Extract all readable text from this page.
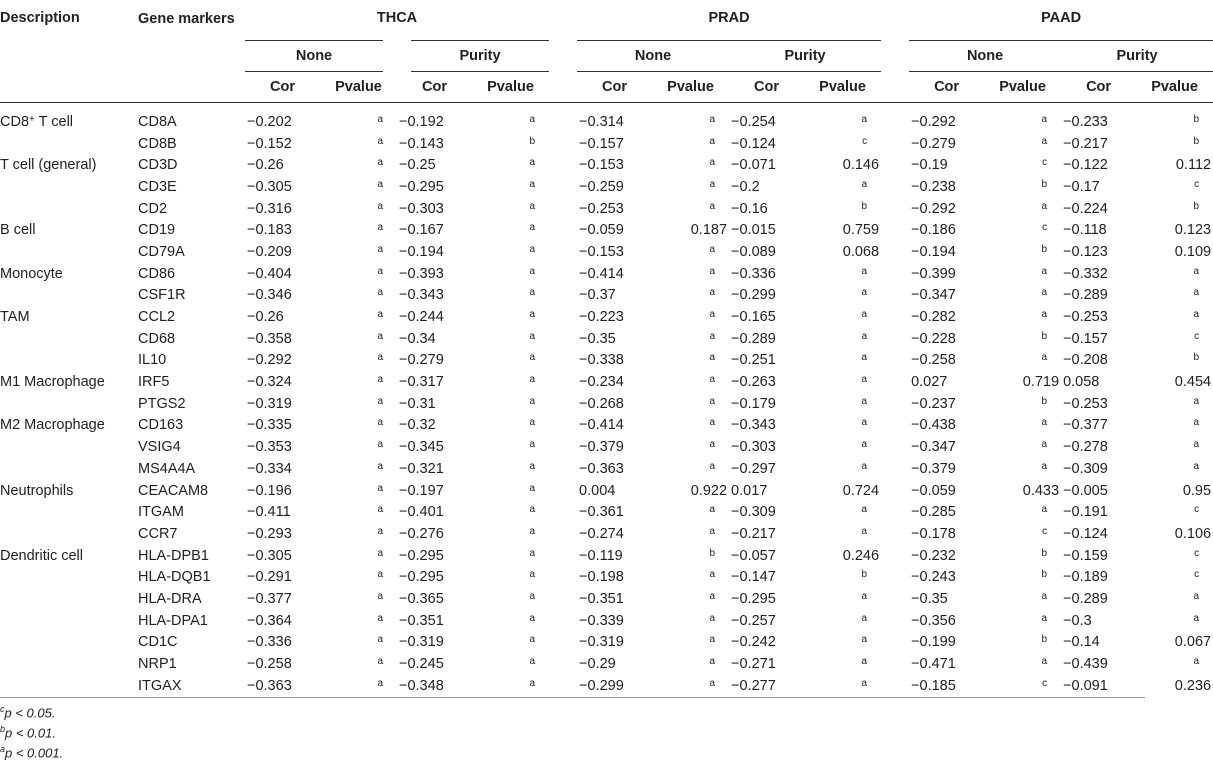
Description	Gene markers	THCA					PRAD					PAAD			
		None		Purity			None		Purity			None		Purity	
		Cor	Pvalue	Cor	Pvalue		Cor	Pvalue	Cor	Pvalue		Cor	Pvalue	Cor	Pvalue
CD8+ T cell	CD8A	−0.202	$^a$	−0.192	$^a$		−0.314	$^a$	−0.254	$^a$		−0.292	$^a$	−0.233	$^b$
	CD8B	−0.152	$^a$	−0.143	$^b$		−0.157	$^a$	−0.124	$^c$		−0.279	$^a$	−0.217	$^b$
T cell (general)	CD3D	−0.26	$^a$	−0.25	$^a$		−0.153	$^a$	−0.071	0.146		−0.19	$^c$	−0.122	0.112
	CD3E	−0.305	$^a$	−0.295	$^a$		−0.259	$^a$	−0.2	$^a$		−0.238	$^b$	−0.17	$^c$
	CD2	−0.316	$^a$	−0.303	$^a$		−0.253	$^a$	−0.16	$^b$		−0.292	$^a$	−0.224	$^b$
B cell	CD19	−0.183	$^a$	−0.167	$^a$		−0.059	0.187	−0.015	0.759		−0.186	$^c$	−0.118	0.123
	CD79A	−0.209	$^a$	−0.194	$^a$		−0.153	$^a$	−0.089	0.068		−0.194	$^b$	−0.123	0.109
Monocyte	CD86	−0.404	$^a$	−0.393	$^a$		−0.414	$^a$	−0.336	$^a$		−0.399	$^a$	−0.332	$^a$
	CSF1R	−0.346	$^a$	−0.343	$^a$		−0.37	$^a$	−0.299	$^a$		−0.347	$^a$	−0.289	$^a$
TAM	CCL2	−0.26	$^a$	−0.244	$^a$		−0.223	$^a$	−0.165	$^a$		−0.282	$^a$	−0.253	$^a$
	CD68	−0.358	$^a$	−0.34	$^a$		−0.35	$^a$	−0.289	$^a$		−0.228	$^b$	−0.157	$^c$
	IL10	−0.292	$^a$	−0.279	$^a$		−0.338	$^a$	−0.251	$^a$		−0.258	$^a$	−0.208	$^b$
M1 Macrophage	IRF5	−0.324	$^a$	−0.317	$^a$		−0.234	$^a$	−0.263	$^a$		0.027	0.719	0.058	0.454
	PTGS2	−0.319	$^a$	−0.31	$^a$		−0.268	$^a$	−0.179	$^a$		−0.237	$^b$	−0.253	$^a$
M2 Macrophage	CD163	−0.335	$^a$	−0.32	$^a$		−0.414	$^a$	−0.343	$^a$		−0.438	$^a$	−0.377	$^a$
	VSIG4	−0.353	$^a$	−0.345	$^a$		−0.379	$^a$	−0.303	$^a$		−0.347	$^a$	−0.278	$^a$
	MS4A4A	−0.334	$^a$	−0.321	$^a$		−0.363	$^a$	−0.297	$^a$		−0.379	$^a$	−0.309	$^a$
Neutrophils	CEACAM8	−0.196	$^a$	−0.197	$^a$		0.004	0.922	0.017	0.724		−0.059	0.433	−0.005	0.95
	ITGAM	−0.411	$^a$	−0.401	$^a$		−0.361	$^a$	−0.309	$^a$		−0.285	$^a$	−0.191	$^c$
	CCR7	−0.293	$^a$	−0.276	$^a$		−0.274	$^a$	−0.217	$^a$		−0.178	$^c$	−0.124	0.106
Dendritic cell	HLA-DPB1	−0.305	$^a$	−0.295	$^a$		−0.119	$^b$	−0.057	0.246		−0.232	$^b$	−0.159	$^c$
	HLA-DQB1	−0.291	$^a$	−0.295	$^a$		−0.198	$^a$	−0.147	$^b$		−0.243	$^b$	−0.189	$^c$
	HLA-DRA	−0.377	$^a$	−0.365	$^a$		−0.351	$^a$	−0.295	$^a$		−0.35	$^a$	−0.289	$^a$
	HLA-DPA1	−0.364	$^a$	−0.351	$^a$		−0.339	$^a$	−0.257	$^a$		−0.356	$^a$	−0.3	$^a$
	CD1C	−0.336	$^a$	−0.319	$^a$		−0.319	$^a$	−0.242	$^a$		−0.199	$^b$	−0.14	0.067
	NRP1	−0.258	$^a$	−0.245	$^a$		−0.29	$^a$	−0.271	$^a$		−0.471	$^a$	−0.439	$^a$
	ITGAX	−0.363	$^a$	−0.348	$^a$		−0.299	$^a$	−0.277	$^a$		−0.185	$^c$	−0.091	0.236
$^c$p < 0.05.
$^b$p < 0.01.
$^a$p < 0.001.
